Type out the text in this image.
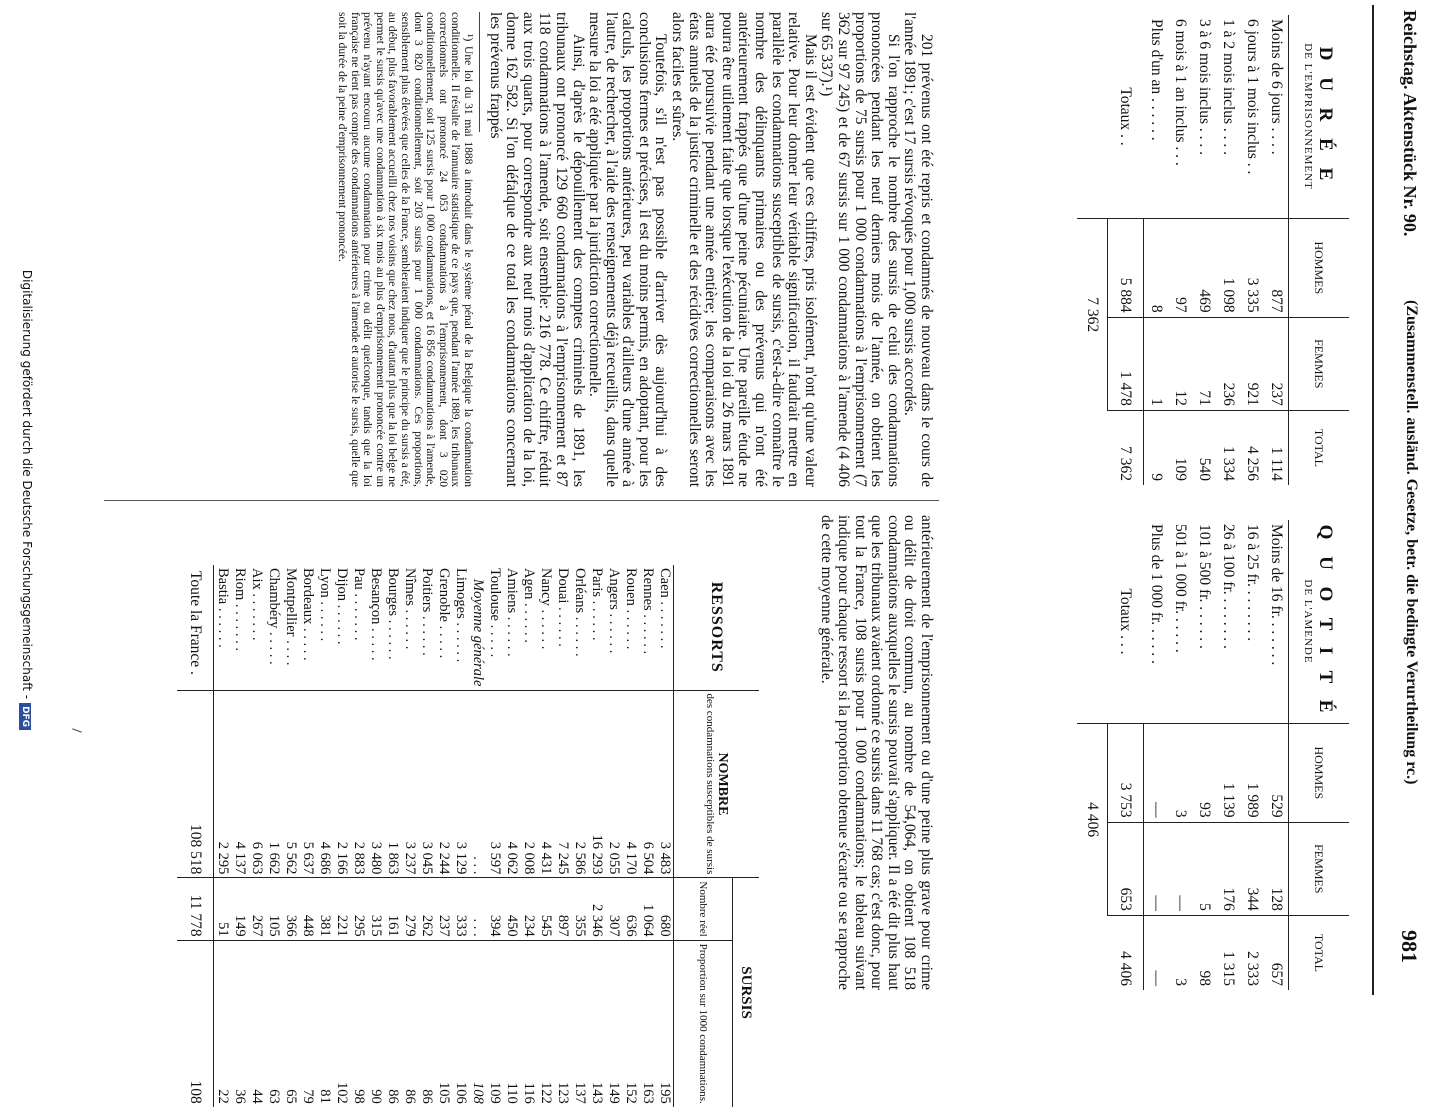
Reichstag. Aktenstück Nr. 90.
(Zusammenstell. ausländ. Gesetze, betr. die bedingte Verurtheilung rc.)
981
D U R É E
DE L'EMPRISONNEMENT	HOMMES	FEMMES	TOTAL
Moins de 6 jours . . . .	877	237	1 114
6 jours à 1 mois inclus . .	3 335	921	4 256
1 à 2 mois inclus . . . .	1 098	236	1 334
3 à 6 mois inclus . . . .	469	71	540
6 mois à 1 an inclus . . .	97	12	109
Plus d'un an . . . . . .	8	1	9
Totaux . .	5 884	1 478	7 362
	7 362		
Q U O T I T É
DE L'AMENDE	HOMMES	FEMMES	TOTAL
Moins de 16 fr. . . . . . .	529	128	657
16 à 25 fr. . . . . . . .	1 989	344	2 333
26 à 100 fr. . . . . . . .	1 139	176	1 315
101 à 500 fr. . . . . . .	93	5	98
501 à 1 000 fr. . . . . .	3	—	3
Plus de 1 000 fr. . . . . .	—	—	—
Totaux . . .	3 753	653	4 406
	4 406		

201 prévenus ont été repris et condamnés de nouveau dans le cours de l'année 1891; c'est 17 sursis révoqués pour 1,000 sursis accordés.

Si l'on rapproche le nombre des sursis de celui des condamnations prononcées pendant les neuf derniers mois de l'année, on obtient les proportions de 75 sursis pour 1 000 condamnations à l'emprisonnement (7 362 sur 97 245) et de 67 sursis sur 1 000 condamnations à l'amende (4 406 sur 65 337).¹)

Mais il est évident que ces chiffres, pris isolément, n'ont qu'une valeur relative. Pour leur donner leur véritable signification, il faudrait mettre en parallèle les condamnations susceptibles de sursis, c'est-à-dire connaître le nombre des délinquants primaires ou des prévenus qui n'ont été antérieurement frappés que d'une peine pécuniaire. Une pareille étude ne pourra être utilement faite que lorsque l'exécution de la loi du 26 mars 1891 aura été poursuivie pendant une année entière; les comparaisons avec les états annuels de la justice criminelle et des récidives correctionnelles seront alors faciles et sûres.

Toutefois, s'il n'est pas possible d'arriver dès aujourd'hui à des conclusions fermes et précises, il est du moins permis, en adoptant, pour les calculs, les proportions antérieures, peu variables d'ailleurs d'une année à l'autre, de rechercher, à l'aide des renseignements déjà recueillis, dans quelle mesure la loi a été appliquée par la juridiction correctionnelle.

Ainsi, d'après le dépouillement des comptes criminels de 1891, les tribunaux ont prononcé 129 660 condamnations à l'emprisonnement et 87 118 condamnations à l'amende, soit ensemble: 216 778. Ce chiffre, réduit aux trois quarts, pour correspondre aux neuf mois d'application de la loi, donne 162 582. Si l'on défalque de ce total les condamnations concernant les prévenus frappés

¹) Une loi du 31 mai 1888 a introduit dans le système pénal de la Belgique la condamnation conditionnelle. Il résulte de l'annuaire statistique de ce pays que, pendant l'année 1889, les tribunaux correctionnels ont prononcé 24 053 condamnations à l'emprisonnement, dont 3 020 conditionnellement, soit 125 sursis pour 1 000 condamnations, et 16 856 condamnations à l'amende, dont 3 820 conditionnellement, soit 203 sursis pour 1 000 condamnations. Ces proportions, sensiblement plus élevées que celles de la France, sembleraient indiquer que le principe du sursis a été, au début, plus favorablement accueilli chez nos voisins que chez nous, d'autant plus que la loi belge ne permet le sursis qu'avec une condamnation à six mois au plus d'emprisonnement prononcée contre un prévenu n'ayant encouru aucune condamnation pour crime ou délit quelconque, tandis que la loi française ne tient pas compte des condamnations antérieures à l'amende et autorise le sursis, quelle que soit la durée de la peine d'emprisonnement prononcée.

antérieurement de l'emprisonnement ou d'une peine plus grave pour crime ou délit de droit commun, au nombre de 54,064, on obtient 108 518 condamnations auxquelles le sursis pouvait s'appliquer. Il a été dit plus haut que les tribunaux avaient ordonné ce sursis dans 11 768 cas; c'est donc, pour tout la France, 108 sursis pour 1 000 condamnations; le tableau suivant indique pour chaque ressort si la proportion obtenue s'écarte ou se rapproche de cette moyenne générale.

RESSORTS	NOMBRE
des condamnations susceptibles de sursis	SURSIS	
		Nombre réel	Proportion sur 1000 condamnations.
Caen . . . . . . .	3 483	680	195
Rennes . . . . . .	6 504	1 064	163
Rouen . . . . . .	4 170	636	152
Angers . . . . . .	2 055	307	149
Paris . . . . . .	16 293	2 346	143
Orléans . . . . . .	2 586	355	137
Douai . . . . . .	7 245	897	123
Nancy . . . . . .	4 431	545	122
Agen . . . . . .	2 008	234	116
Amiens . . . . . .	4 062	450	110
Toulouse . . . . .	3 597	394	109
Moyenne générale	. . .	. . .	108
Limoges . . . . . .	3 129	333	106
Grenoble . . . . .	2 244	237	105
Poitiers . . . . . .	3 045	262	86
Nîmes . . . . . .	3 237	279	86
Bourges . . . . . .	1 863	161	86
Besançon . . . . .	3 480	315	90
Pau . . . . . . .	2 883	295	98
Dijon . . . . . .	2 166	221	102
Lyon . . . . . .	4 686	381	81
Bordeaux . . . . .	5 637	448	79
Montpellier . . . .	5 562	366	65
Chambéry . . . . .	1 662	105	63
Aix . . . . . . .	6 063	267	44
Riom . . . . . . .	4 137	149	36
Bastia . . . . . .	2 295	51	22
Toute la France .	108 518	11 778	108
Digitalisierung gefördert durch die Deutsche Forschungsgemeinschaft -DFG
